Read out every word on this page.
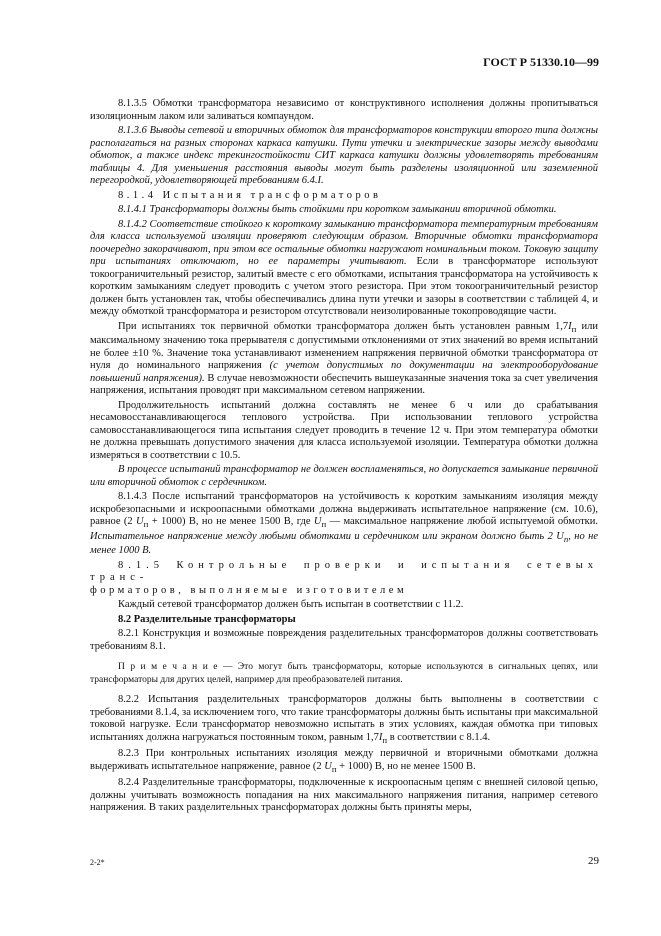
ГОСТ Р 51330.10—99

8.1.3.5 Обмотки трансформатора независимо от конструктивного исполнения должны пропитываться изоляционным лаком или заливаться компаундом.

8.1.3.6 Выводы сетевой и вторичных обмоток для трансформаторов конструкции второго типа должны располагаться на разных сторонах каркаса катушки. Пути утечки и электрические зазоры между выводами обмоток, а также индекс трекингостойкости СИТ каркаса катушки должны удовлетворять требованиям таблицы 4. Для уменьшения расстояния выводы могут быть разделены изоляционной или заземленной перегородкой, удовлетворяющей требованиям 6.4.I.

8.1.4 Испытания трансформаторов

8.1.4.1 Трансформаторы должны быть стойкими при коротком замыкании вторичной обмотки.

8.1.4.2 Соответствие стойкого к короткому замыканию трансформатора температурным требованиям для класса используемой изоляции проверяют следующим образом. Вторичные обмотки трансформатора поочередно закорачивают, при этом все остальные обмотки нагружают номинальным током. Токовую защиту при испытаниях отключают, но ее параметры учитывают. Если в трансформаторе используют токоограничительный резистор, залитый вместе с его обмотками, испытания трансформатора на устойчивость к коротким замыканиям следует проводить с учетом этого резистора. При этом токоограничительный резистор должен быть установлен так, чтобы обеспечивались длина пути утечки и зазоры в соответствии с таблицей 4, и между обмоткой трансформатора и резистором отсутствовали неизолированные токопроводящие части.

При испытаниях ток первичной обмотки трансформатора должен быть установлен равным $1,7I_п$ или максимальному значению тока прерывателя с допустимыми отклонениями от этих значений во время испытаний не более ±10 %. Значение тока устанавливают изменением напряжения первичной обмотки трансформатора от нуля до номинального напряжения (с учетом допустимых по документации на электрооборудование повышений напряжения). В случае невозможности обеспечить вышеуказанные значения тока за счет увеличения напряжения, испытания проводят при максимальном сетевом напряжении.

Продолжительность испытаний должна составлять не менее 6 ч или до срабатывания несамовосстанавливающегося теплового устройства. При использовании теплового устройства самовосстанавливающегося типа испытания следует проводить в течение 12 ч. При этом температура обмотки не должна превышать допустимого значения для класса используемой изоляции. Температура обмотки должна измеряться в соответствии с 10.5.

В процессе испытаний трансформатор не должен воспламеняться, но допускается замыкание первичной или вторичной обмоток с сердечником.

8.1.4.3 После испытаний трансформаторов на устойчивость к коротким замыканиям изоляция между искробезопасными и искроопасными обмотками должна выдерживать испытательное напряжение (см. 10.6), равное (2 $U_п + 1000$) В, но не менее 1500 В, где $U_п$ — максимальное напряжение любой испытуемой обмотки. Испытательное напряжение между любыми обмотками и сердечником или экраном должно быть 2 $U_п$, но не менее 1000 В.

8.1.5 Контрольные проверки и испытания сетевых транс-

форматоров, выполняемые изготовителем

Каждый сетевой трансформатор должен быть испытан в соответствии с 11.2.

8.2 Разделительные трансформаторы

8.2.1 Конструкция и возможные повреждения разделительных трансформаторов должны соответствовать требованиям 8.1.

П р и м е ч а н и е — Это могут быть трансформаторы, которые используются в сигнальных цепях, или трансформаторы для других целей, например для преобразователей питания.

8.2.2 Испытания разделительных трансформаторов должны быть выполнены в соответствии с требованиями 8.1.4, за исключением того, что такие трансформаторы должны быть испытаны при максимальной токовой нагрузке. Если трансформатор невозможно испытать в этих условиях, каждая обмотка при типовых испытаниях должна нагружаться постоянным током, равным $1,7I_п$ в соответствии с 8.1.4.

8.2.3 При контрольных испытаниях изоляция между первичной и вторичными обмотками должна выдерживать испытательное напряжение, равное (2 $U_п + 1000$) В, но не менее 1500 В.

8.2.4 Разделительные трансформаторы, подключенные к искроопасным цепям с внешней силовой цепью, должны учитывать возможность попадания на них максимального напряжения питания, например сетевого напряжения. В таких разделительных трансформаторах должны быть приняты меры,

2-2*	29
